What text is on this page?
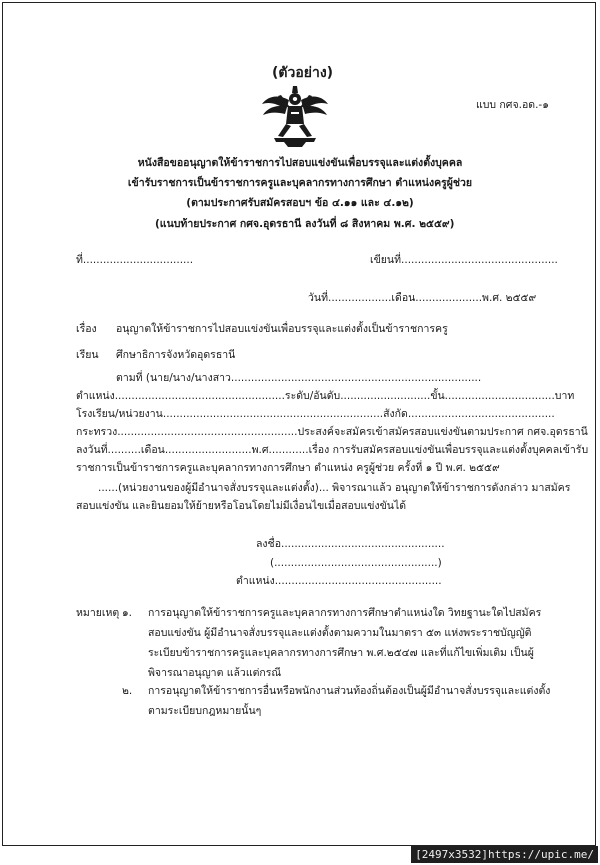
(ตัวอย่าง)
แบบ กศจ.อด.-๑
หนังสือขออนุญาตให้ข้าราชการไปสอบแข่งขันเพื่อบรรจุและแต่งตั้งบุคคล
เข้ารับราชการเป็นข้าราชการครูและบุคลากรทางการศึกษา ตำแหน่งครูผู้ช่วย
(ตามประกาศรับสมัครสอบฯ ข้อ ๔.๑๑ และ ๔.๑๒)
(แนบท้ายประกาศ กศจ.อุดรธานี ลงวันที่ ๘ สิงหาคม พ.ศ. ๒๕๕๙)
ที่.................................	เขียนที่...............................................
วันที่...................เดือน....................พ.ศ. ๒๕๕๙
เรื่อง อนุญาตให้ข้าราชการไปสอบแข่งขันเพื่อบรรจุและแต่งตั้งเป็นข้าราชการครู
เรียน ศึกษาธิการจังหวัดอุดรธานี
ตามที่ (นาย/นาง/นางสาว...........................................................................
ตำแหน่ง...................................................ระดับ/อันดับ...........................ขั้น.................................บาท
โรงเรียน/หน่วยงาน..................................................................สังกัด............................................
กระทรวง......................................................ประสงค์จะสมัครเข้าสมัครสอบแข่งขันตามประกาศ กศจ.อุดรธานี
ลงวันที่..........เดือน..........................พ.ศ............เรื่อง การรับสมัครสอบแข่งขันเพื่อบรรจุและแต่งตั้งบุคคลเข้ารับ
ราชการเป็นข้าราชการครูและบุคลากรทางการศึกษา ตำแหน่ง ครูผู้ช่วย ครั้งที่ ๑ ปี พ.ศ. ๒๕๕๙
......(หน่วยงานของผู้มีอำนาจสั่งบรรจุและแต่งตั้ง)... พิจารณาแล้ว อนุญาตให้ข้าราชการดังกล่าว มาสมัคร
สอบแข่งขัน และยินยอมให้ย้ายหรือโอนโดยไม่มีเงื่อนไขเมื่อสอบแข่งขันได้
ลงชื่อ.................................................
(.................................................)
ตำแหน่ง..................................................
หมายเหตุ ๑. การอนุญาตให้ข้าราชการครูและบุคลากรทางการศึกษาตำแหน่งใด วิทยฐานะใดไปสมัคร
สอบแข่งขัน ผู้มีอำนาจสั่งบรรจุและแต่งตั้งตามความในมาตรา ๕๓ แห่งพระราชบัญญัติ
ระเบียบข้าราชการครูและบุคลากรทางการศึกษา พ.ศ.๒๕๔๗ และที่แก้ไขเพิ่มเติม เป็นผู้
พิจารณาอนุญาต แล้วแต่กรณี
๒. การอนุญาตให้ข้าราชการอื่นหรือพนักงานส่วนท้องถิ่นต้องเป็นผู้มีอำนาจสั่งบรรจุและแต่งตั้ง
ตามระเบียบกฎหมายนั้นๆ
[2497x3532]https://upic.me/
